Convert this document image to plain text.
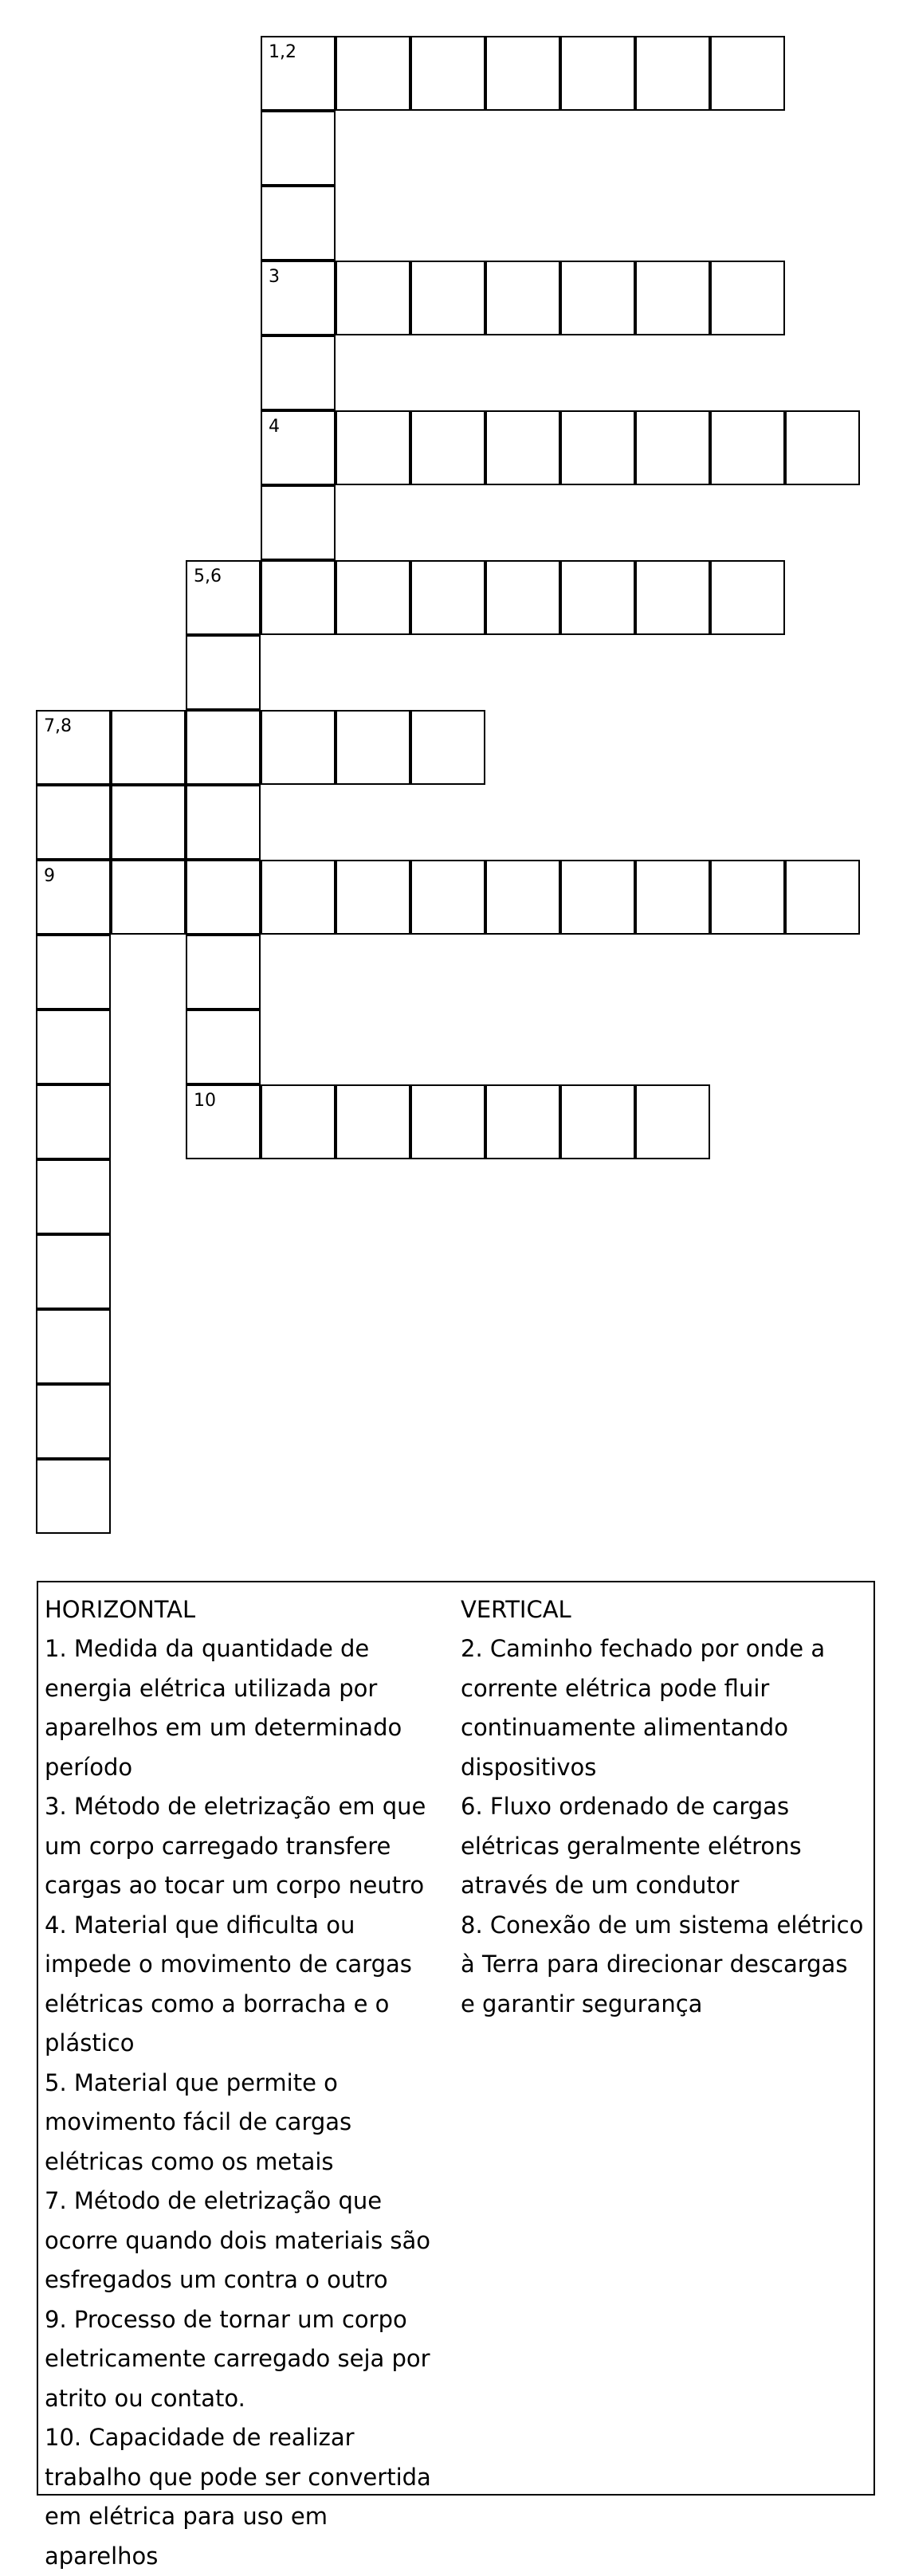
1,2
3
4
5,6
7,8
9
10
HORIZONTAL
1. Medida da quantidade de energia elétrica utilizada por aparelhos em um determinado período
3. Método de eletrização em que um corpo carregado transfere cargas ao tocar um corpo neutro
4. Material que dificulta ou impede o movimento de cargas elétricas como a borracha e o plástico
5. Material que permite o movimento fácil de cargas elétricas como os metais
7. Método de eletrização que ocorre quando dois materiais são esfregados um contra o outro
9. Processo de tornar um corpo eletricamente carregado seja por atrito ou contato.
10. Capacidade de realizar trabalho que pode ser convertida em elétrica para uso em aparelhos
VERTICAL
2. Caminho fechado por onde a corrente elétrica pode fluir continuamente alimentando dispositivos
6. Fluxo ordenado de cargas elétricas geralmente elétrons através de um condutor
8. Conexão de um sistema elétrico à Terra para direcionar descargas e garantir segurança
